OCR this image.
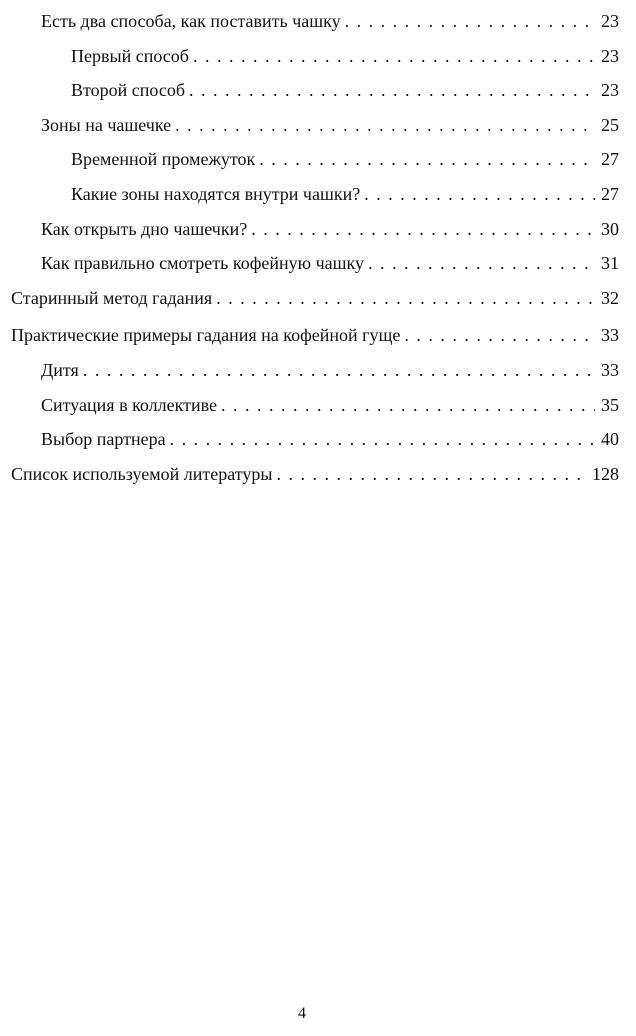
Есть два способа, как поставить чашку . . .	23
Первый способ . . .	23
Второй способ . . .	23
Зоны на чашечке . . .	25
Временной промежуток . . .	27
Какие зоны находятся внутри чашки? . . .	27
Как открыть дно чашечки? . . .	30
Как правильно смотреть кофейную чашку . . .	31
Старинный метод гадания . . .	32
Практические примеры гадания на кофейной гуще . . .	33
Дитя . . .	33
Ситуация в коллективе . . .	35
Выбор партнера . . .	40
Список используемой литературы . . .	128
4
